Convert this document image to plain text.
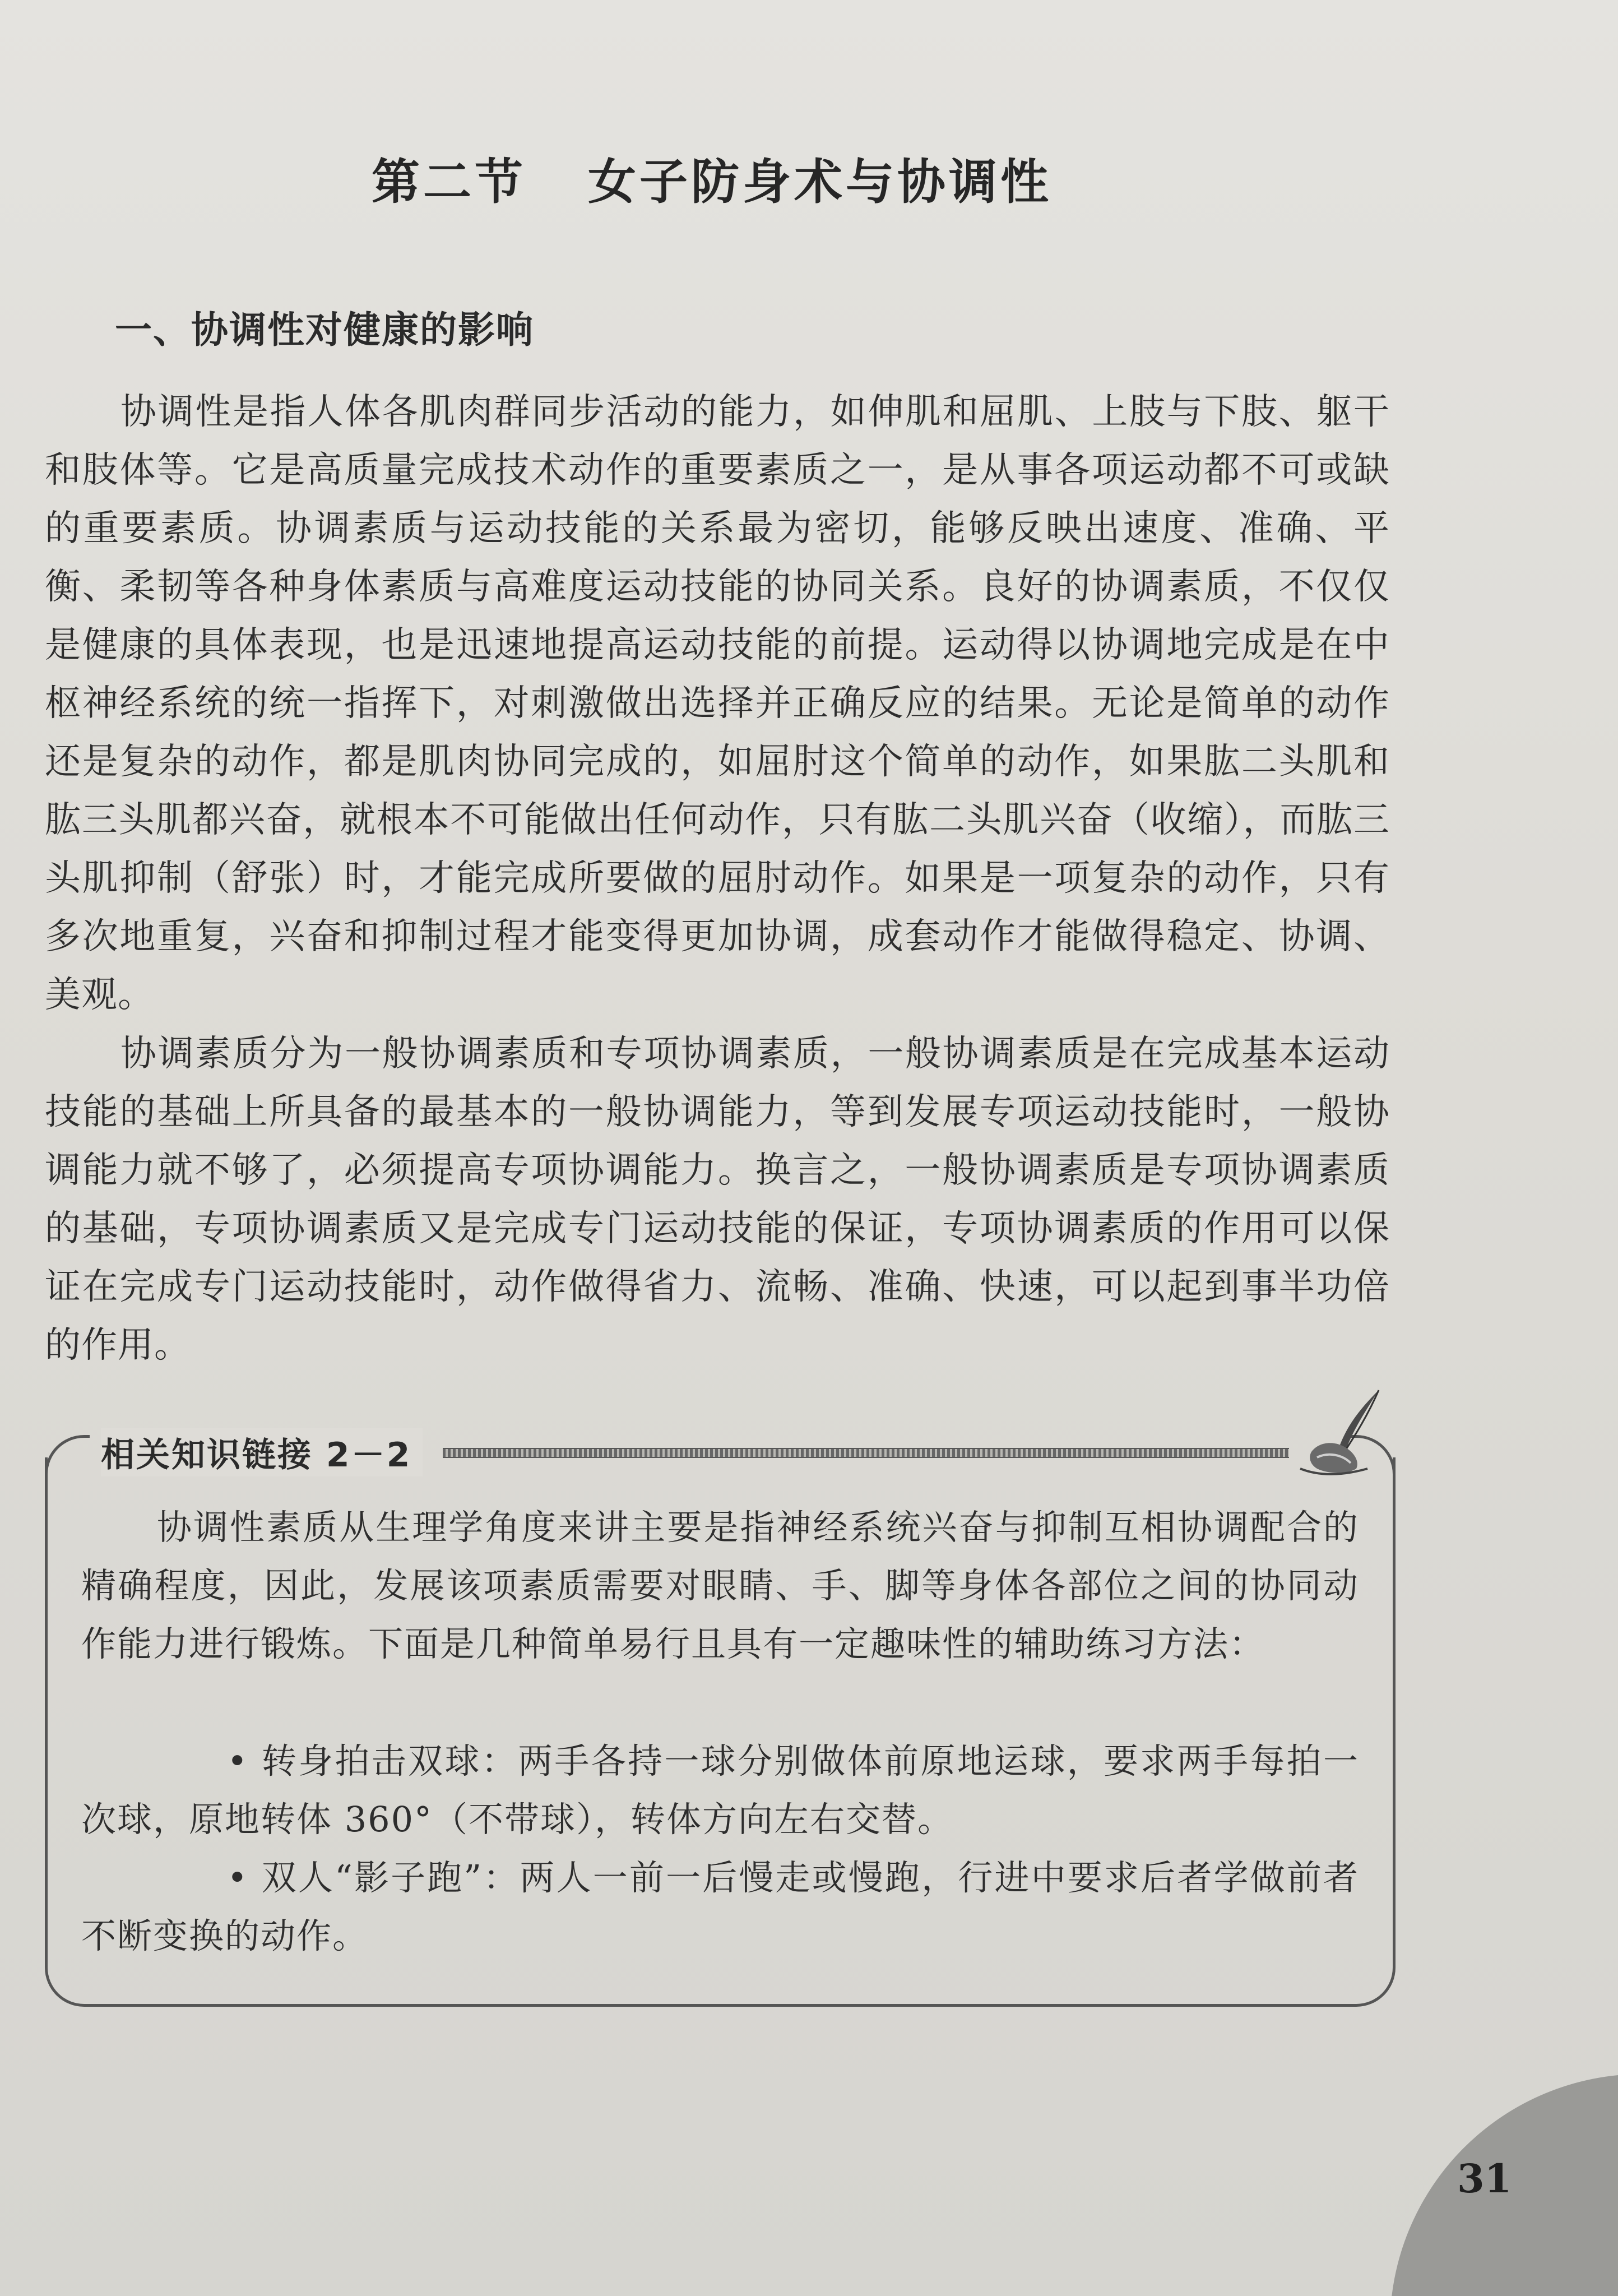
第二节 女子防身术与协调性
一、协调性对健康的影响

协调性是指人体各肌肉群同步活动的能力，如伸肌和屈肌、上肢与下肢、躯干和肢体等。它是高质量完成技术动作的重要素质之一，是从事各项运动都不可或缺的重要素质。协调素质与运动技能的关系最为密切，能够反映出速度、准确、平衡、柔韧等各种身体素质与高难度运动技能的协同关系。良好的协调素质，不仅仅是健康的具体表现，也是迅速地提高运动技能的前提。运动得以协调地完成是在中枢神经系统的统一指挥下，对刺激做出选择并正确反应的结果。无论是简单的动作还是复杂的动作，都是肌肉协同完成的，如屈肘这个简单的动作，如果肱二头肌和肱三头肌都兴奋，就根本不可能做出任何动作，只有肱二头肌兴奋（收缩），而肱三头肌抑制（舒张）时，才能完成所要做的屈肘动作。如果是一项复杂的动作，只有多次地重复，兴奋和抑制过程才能变得更加协调，成套动作才能做得稳定、协调、美观。

协调素质分为一般协调素质和专项协调素质，一般协调素质是在完成基本运动技能的基础上所具备的最基本的一般协调能力，等到发展专项运动技能时，一般协调能力就不够了，必须提高专项协调能力。换言之，一般协调素质是专项协调素质的基础，专项协调素质又是完成专门运动技能的保证，专项协调素质的作用可以保证在完成专门运动技能时，动作做得省力、流畅、准确、快速，可以起到事半功倍的作用。

相关知识链接 2－2

协调性素质从生理学角度来讲主要是指神经系统兴奋与抑制互相协调配合的精确程度，因此，发展该项素质需要对眼睛、手、脚等身体各部位之间的协同动作能力进行锻炼。下面是几种简单易行且具有一定趣味性的辅助练习方法：

• 转身拍击双球：两手各持一球分别做体前原地运球，要求两手每拍一次球，原地转体 360°（不带球），转体方向左右交替。

• 双人“影子跑”：两人一前一后慢走或慢跑，行进中要求后者学做前者不断变换的动作。

31
